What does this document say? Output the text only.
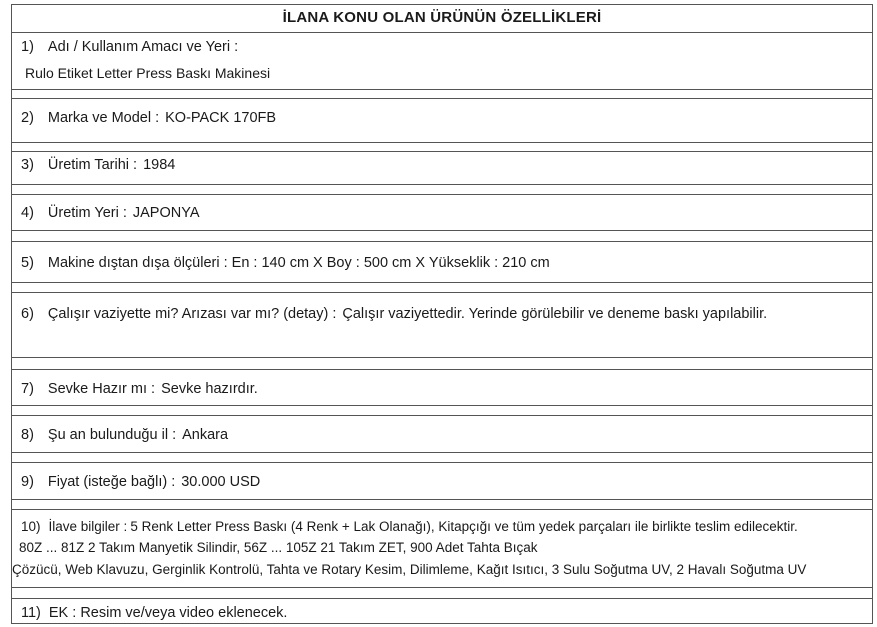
İLANA KONU OLAN ÜRÜNÜN ÖZELLİKLERİ
1) Adı / Kullanım Amacı ve Yeri :
Rulo Etiket Letter Press Baskı Makinesi
2) Marka ve Model : KO-PACK 170FB
3) Üretim Tarihi : 1984
4) Üretim Yeri : JAPONYA
5) Makine dıştan dışa ölçüleri : En : 140 cm X Boy : 500 cm X Yükseklik : 210 cm
6) Çalışır vaziyette mi? Arızası var mı? (detay) : Çalışır vaziyettedir. Yerinde görülebilir ve deneme baskı yapılabilir.
7) Sevke Hazır mı : Sevke hazırdır.
8) Şu an bulunduğu il : Ankara
9) Fiyat (isteğe bağlı) : 30.000 USD
10) İlave bilgiler : 5 Renk Letter Press Baskı (4 Renk + Lak Olanağı), Kitapçığı ve tüm yedek parçaları ile birlikte teslim edilecektir.
80Z ... 81Z 2 Takım Manyetik Silindir, 56Z ... 105Z 21 Takım ZET, 900 Adet Tahta Bıçak
Çözücü, Web Klavuzu, Gerginlik Kontrolü, Tahta ve Rotary Kesim, Dilimleme, Kağıt Isıtıcı, 3 Sulu Soğutma UV, 2 Havalı Soğutma UV
11) EK : Resim ve/veya video eklenecek.
